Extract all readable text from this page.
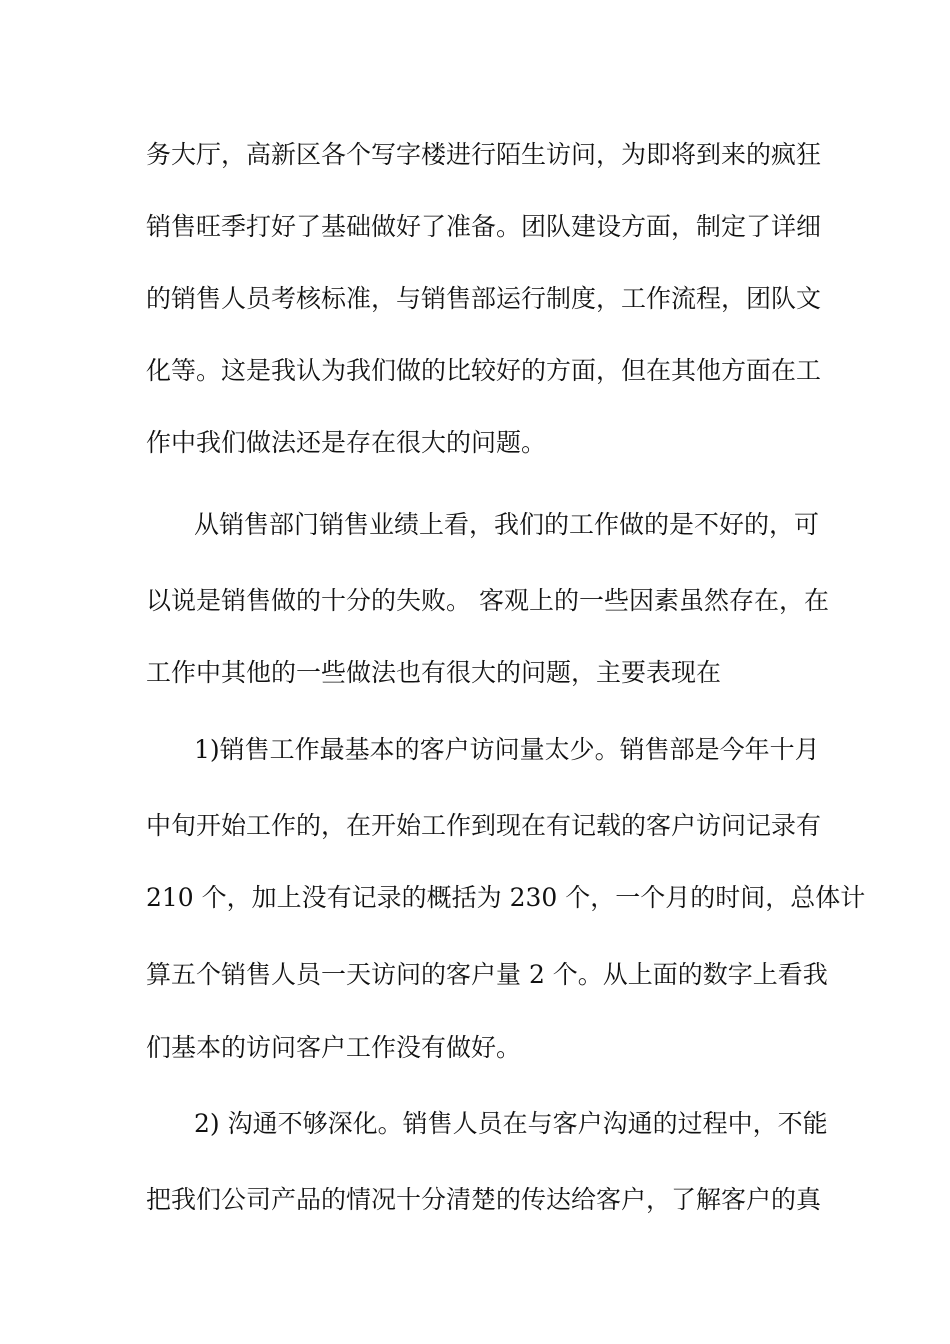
务大厅，高新区各个写字楼进行陌生访问，为即将到来的疯狂
销售旺季打好了基础做好了准备。团队建设方面，制定了详细
的销售人员考核标准，与销售部运行制度，工作流程，团队文
化等。这是我认为我们做的比较好的方面，但在其他方面在工
作中我们做法还是存在很大的问题。
从销售部门销售业绩上看，我们的工作做的是不好的，可
以说是销售做的十分的失败。 客观上的一些因素虽然存在，在
工作中其他的一些做法也有很大的问题，主要表现在
1)销售工作最基本的客户访问量太少。销售部是今年十月
中旬开始工作的，在开始工作到现在有记载的客户访问记录有
210 个，加上没有记录的概括为 230 个，一个月的时间，总体计
算五个销售人员一天访问的客户量 2 个。从上面的数字上看我
们基本的访问客户工作没有做好。
2) 沟通不够深化。销售人员在与客户沟通的过程中，不能
把我们公司产品的情况十分清楚的传达给客户，了解客户的真
